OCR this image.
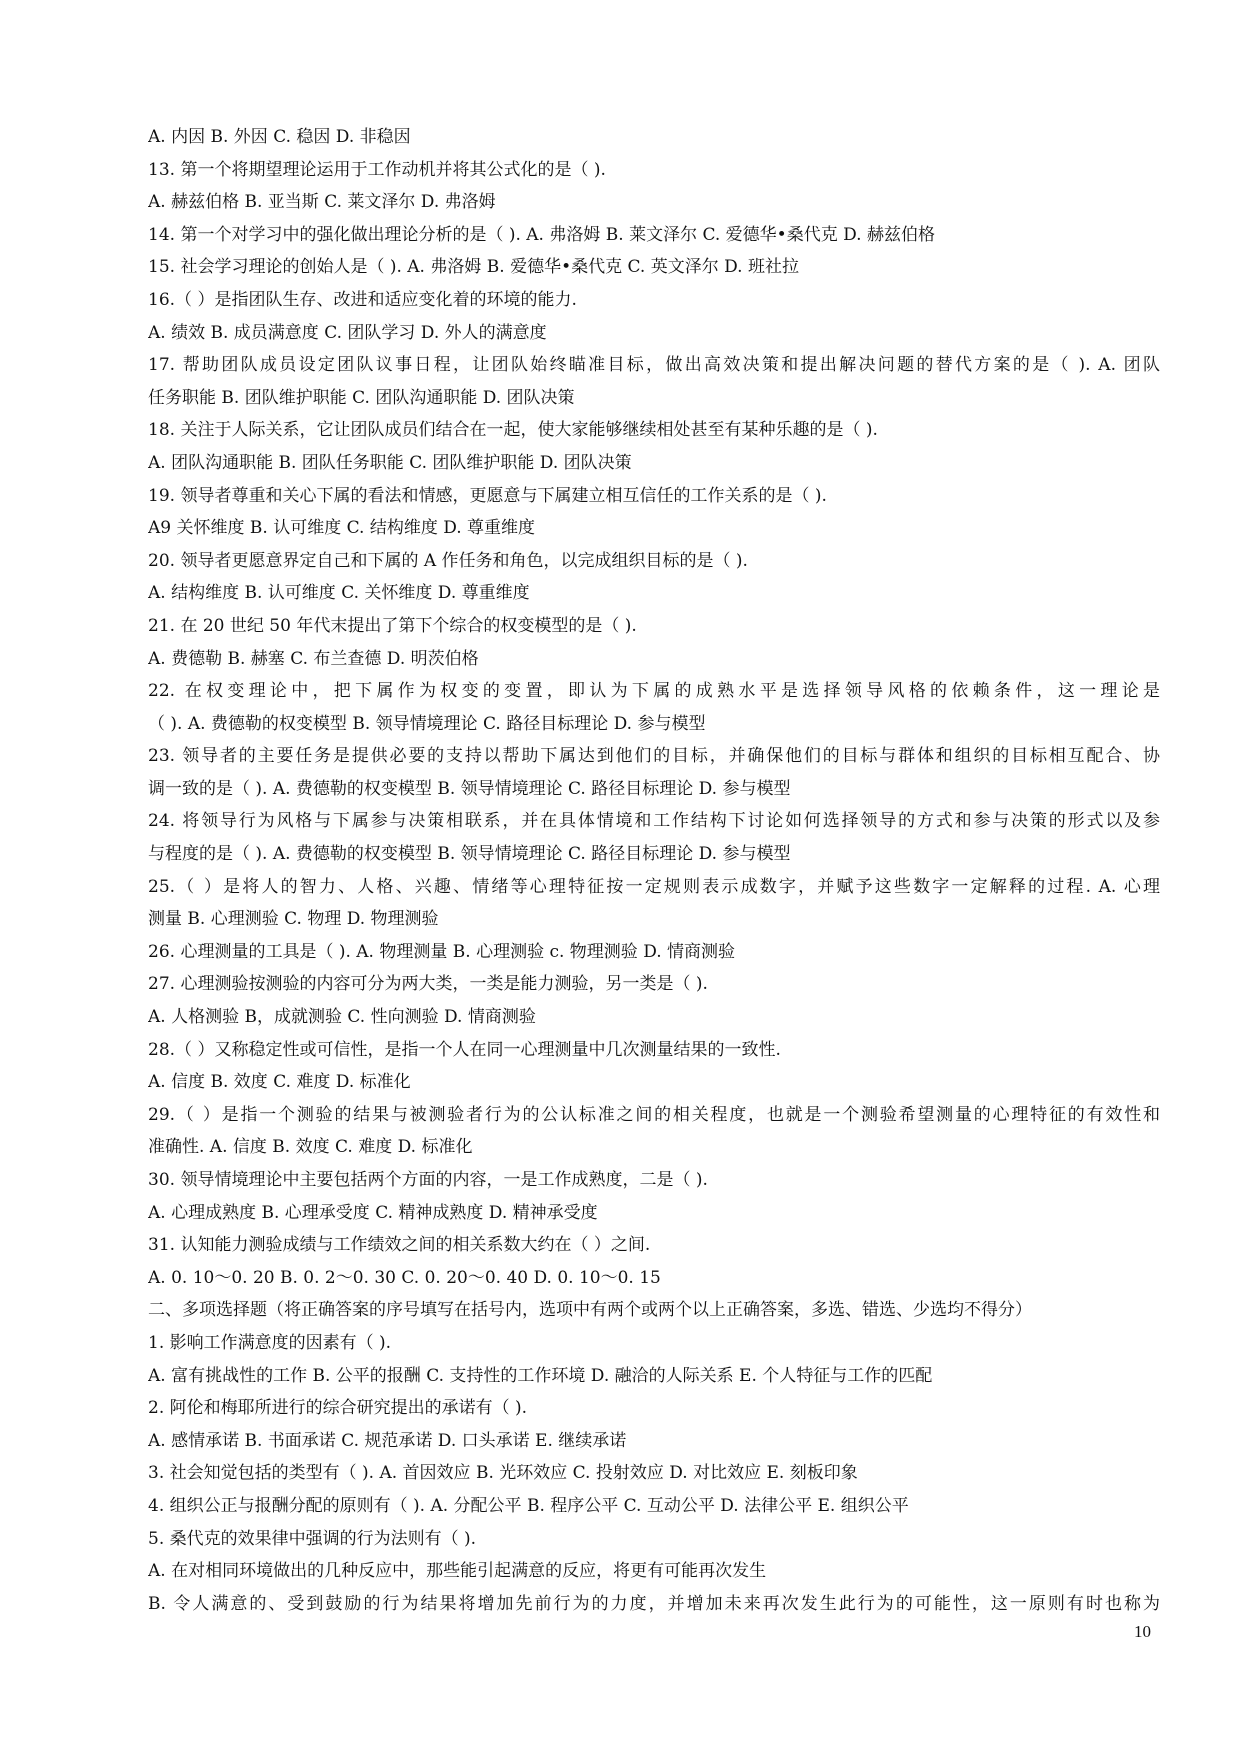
A. 内因 B. 外因 C. 稳因 D. 非稳因
13. 第一个将期望理论运用于工作动机并将其公式化的是（ ).
A. 赫兹伯格 B. 亚当斯 C. 莱文泽尔 D. 弗洛姆
14. 第一个对学习中的强化做出理论分析的是（ ). A. 弗洛姆 B. 莱文泽尔 C. 爱德华•桑代克 D. 赫兹伯格
15. 社会学习理论的创始人是（ ). A. 弗洛姆 B. 爱德华•桑代克 C. 英文泽尔 D. 班社拉
16.（ ）是指团队生存、改进和适应变化着的环境的能力.
A. 绩效 B. 成员满意度 C. 团队学习 D. 外人的满意度
17. 帮助团队成员设定团队议事日程，让团队始终瞄准目标，做出高效决策和提出解决问题的替代方案的是（ ). A. 团队
任务职能 B. 团队维护职能 C. 团队沟通职能 D. 团队决策
18. 关注于人际关系，它让团队成员们结合在一起，使大家能够继续相处甚至有某种乐趣的是（ ).
A. 团队沟通职能 B. 团队任务职能 C. 团队维护职能 D. 团队决策
19. 领导者尊重和关心下属的看法和情感，更愿意与下属建立相互信任的工作关系的是（ ).
A9 关怀维度 B. 认可维度 C. 结构维度 D. 尊重维度
20. 领导者更愿意界定自己和下属的 A 作任务和角色，以完成组织目标的是（ ).
A. 结构维度 B. 认可维度 C. 关怀维度 D. 尊重维度
21. 在 20 世纪 50 年代末提出了第下个综合的权变模型的是（ ).
A. 费德勒 B. 赫塞 C. 布兰查德 D. 明茨伯格
22. 在权变理论中，把下属作为权变的变置，即认为下属的成熟水平是选择领导风格的依赖条件，这一理论是
（ ). A. 费德勒的权变模型 B. 领导情境理论 C. 路径目标理论 D. 参与模型
23. 领导者的主要任务是提供必要的支持以帮助下属达到他们的目标，并确保他们的目标与群体和组织的目标相互配合、协
调一致的是（ ). A. 费德勒的权变模型 B. 领导情境理论 C. 路径目标理论 D. 参与模型
24. 将领导行为风格与下属参与决策相联系，并在具体情境和工作结构下讨论如何选择领导的方式和参与决策的形式以及参
与程度的是（ ). A. 费德勒的权变模型 B. 领导情境理论 C. 路径目标理论 D. 参与模型
25.（ ）是将人的智力、人格、兴趣、情绪等心理特征按一定规则表示成数字，并赋予这些数字一定解释的过程. A. 心理
测量 B. 心理测验 C. 物理 D. 物理测验
26. 心理测量的工具是（ ). A. 物理测量 B. 心理测验 c. 物理测验 D. 情商测验
27. 心理测验按测验的内容可分为两大类，一类是能力测验，另一类是（ ).
A. 人格测验 B，成就测验 C. 性向测验 D. 情商测验
28.（ ）又称稳定性或可信性，是指一个人在同一心理测量中几次测量结果的一致性.
A. 信度 B. 效度 C. 难度 D. 标准化
29.（ ）是指一个测验的结果与被测验者行为的公认标准之间的相关程度，也就是一个测验希望测量的心理特征的有效性和
准确性. A. 信度 B. 效度 C. 难度 D. 标准化
30. 领导情境理论中主要包括两个方面的内容，一是工作成熟度，二是（ ).
A. 心理成熟度 B. 心理承受度 C. 精神成熟度 D. 精神承受度
31. 认知能力测验成绩与工作绩效之间的相关系数大约在（ ）之间.
A. 0. 10～0. 20 B. 0. 2～0. 30 C. 0. 20～0. 40 D. 0. 10～0. 15
二、多项选择题（将正确答案的序号填写在括号内，选项中有两个或两个以上正确答案，多选、错选、少选均不得分）
1. 影响工作满意度的因素有（ ).
A. 富有挑战性的工作 B. 公平的报酬 C. 支持性的工作环境 D. 融洽的人际关系 E. 个人特征与工作的匹配
2. 阿伦和梅耶所进行的综合研究提出的承诺有（ ).
A. 感情承诺 B. 书面承诺 C. 规范承诺 D. 口头承诺 E. 继续承诺
3. 社会知觉包括的类型有（ ). A. 首因效应 B. 光环效应 C. 投射效应 D. 对比效应 E. 刻板印象
4. 组织公正与报酬分配的原则有（ ). A. 分配公平 B. 程序公平 C. 互动公平 D. 法律公平 E. 组织公平
5. 桑代克的效果律中强调的行为法则有（ ).
A. 在对相同环境做出的几种反应中，那些能引起满意的反应，将更有可能再次发生
B. 令人满意的、受到鼓励的行为结果将增加先前行为的力度，并增加未来再次发生此行为的可能性，这一原则有时也称为
10
